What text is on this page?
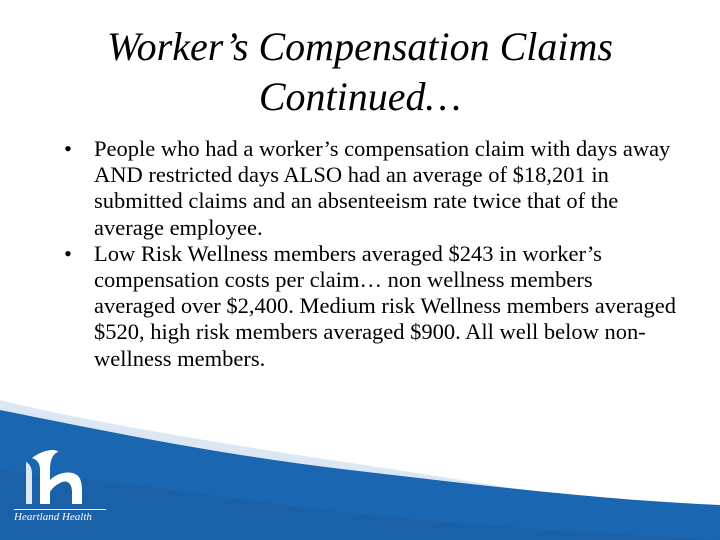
Worker’s Compensation Claims
Continued…
• People who had a worker’s compensation claim with days away AND restricted days ALSO had an average of $18,201 in submitted claims and an absenteeism rate twice that of the average employee.
• Low Risk Wellness members averaged $243 in worker’s compensation costs per claim… non wellness members averaged over $2,400. Medium risk Wellness members averaged $520, high risk members averaged $900. All well below non-wellness members.
Heartland Health
